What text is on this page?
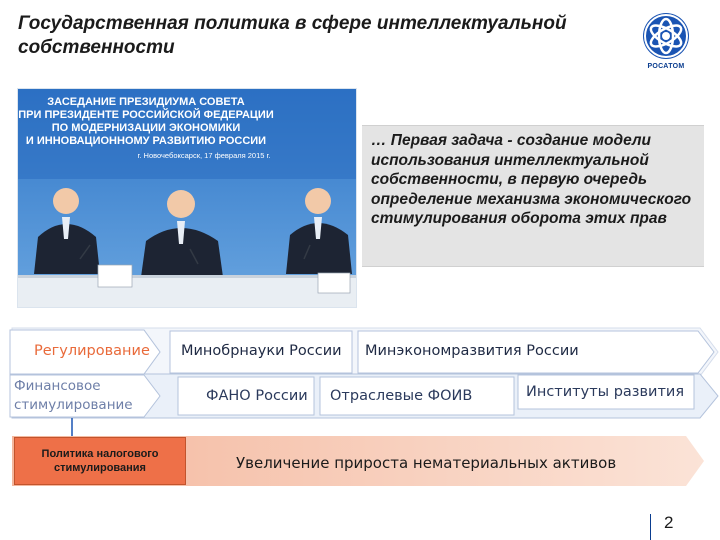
Государственная политика в сфере интеллектуальной собственности
РОСАТОМ
ЗАСЕДАНИЕ ПРЕЗИДИУМА СОВЕТА
ПРИ ПРЕЗИДЕНТЕ РОССИЙСКОЙ ФЕДЕРАЦИИ
ПО МОДЕРНИЗАЦИИ ЭКОНОМИКИ
И ИННОВАЦИОННОМУ РАЗВИТИЮ РОССИИ
г. Новочебоксарск, 17 февраля 2015 г.
… Первая задача - создание модели использования интеллектуальной собственности, в первую очередь определение механизма экономического стимулирования оборота этих прав
Регулирование Минобрнауки России Минэкономразвития России
Финансовое
стимулирование
ФАНО России Отраслевые ФОИВ	Институты развития
Политика налогового стимулирования	Увеличение прироста нематериальных активов
2
